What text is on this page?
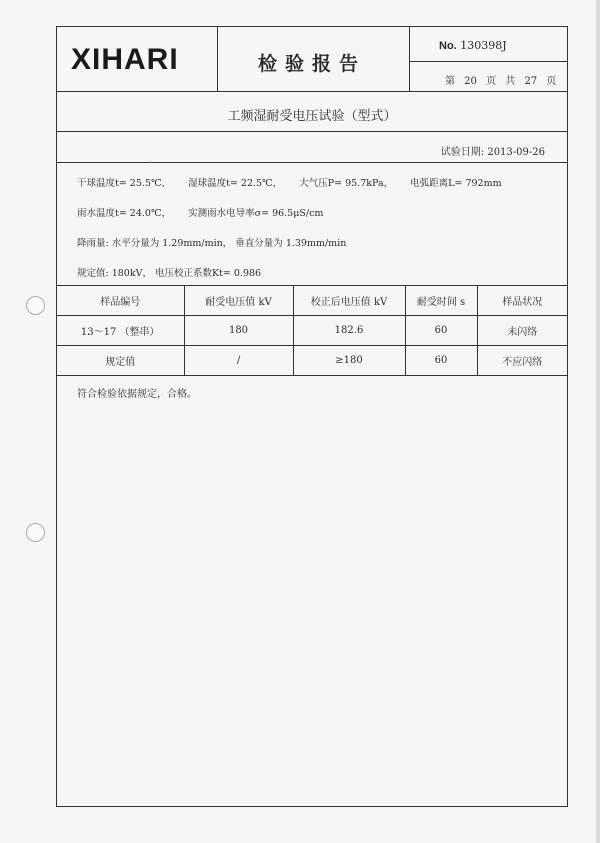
XIHARI	检验报告
No. 130398J
第 20 页 共 27 页
工频湿耐受电压试验（型式）
°
试验日期: 2013-09-26
干球温度t= 25.5℃， 湿球温度t= 22.5℃， 大气压P= 95.7kPa， 电弧距离L= 792mm
雨水温度t= 24.0℃， 实测雨水电导率σ= 96.5μS/cm
降雨量: 水平分量为 1.29mm/min， 垂直分量为 1.39mm/min
规定值: 180kV， 电压校正系数Kt= 0.986
样品编号	耐受电压值 kV	校正后电压值 kV	耐受时间 s	样品状况
13～17 （整串）	180	182.6	60	未闪络
规定值	/	≥180	60	不应闪络
符合检验依据规定，合格。
